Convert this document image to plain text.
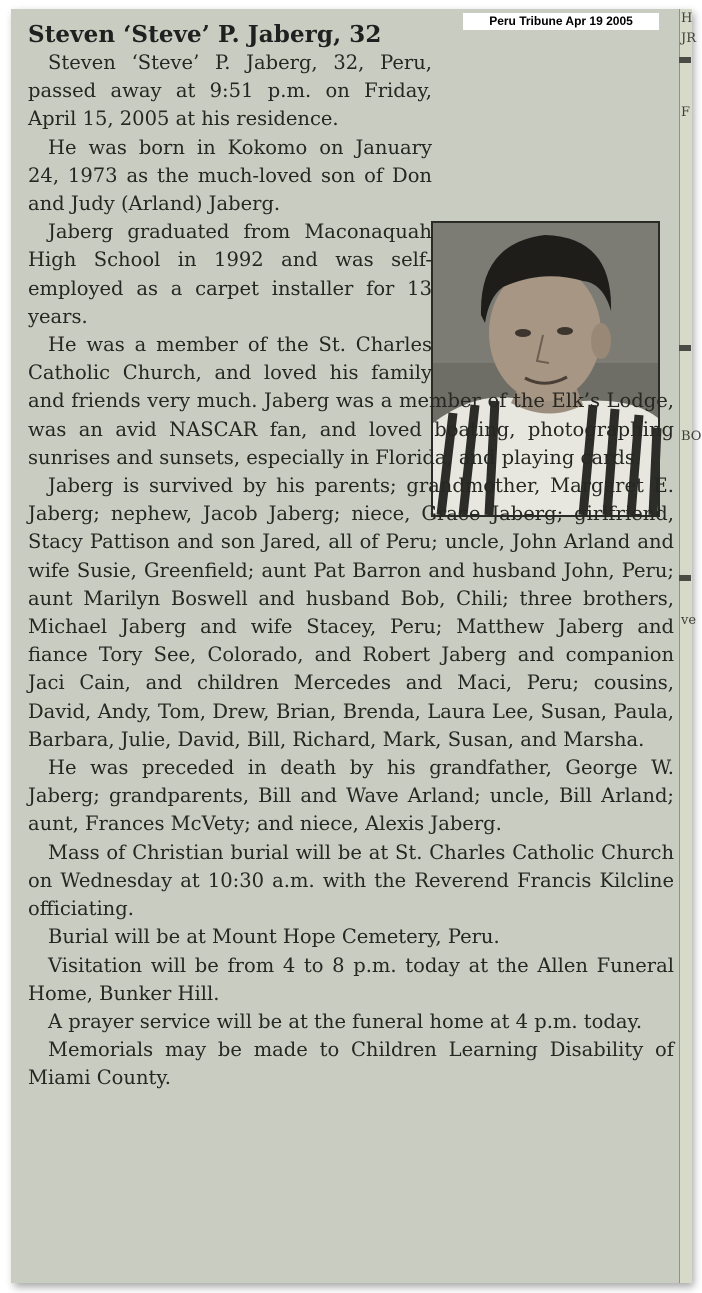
H
JR
F
BO
ve
Peru Tribune Apr 19 2005
Steven ‘Steve’ P. Jaberg, 32

Steven ‘Steve’ P. Jaberg, 32, Peru, passed away at 9:51 p.m. on Friday, April 15, 2005 at his residence.

He was born in Kokomo on January 24, 1973 as the much-loved son of Don and Judy (Arland) Jaberg.

Jaberg graduated from Maconaquah High School in 1992 and was self-employed as a carpet installer for 13 years.

He was a member of the St. Charles Catholic Church, and loved his family and friends very much. Jaberg was a member of the Elk’s Lodge, was an avid NASCAR fan, and loved boating, photographing sunrises and sunsets, especially in Florida, and playing cards.

Jaberg is survived by his parents; grandmother, Margaret E. Jaberg; nephew, Jacob Jaberg; niece, Grace Jaberg; girlfriend, Stacy Pattison and son Jared, all of Peru; uncle, John Arland and wife Susie, Greenfield; aunt Pat Barron and husband John, Peru; aunt Marilyn Boswell and husband Bob, Chili; three brothers, Michael Jaberg and wife Stacey, Peru; Matthew Jaberg and fiance Tory See, Colorado, and Robert Jaberg and companion Jaci Cain, and children Mercedes and Maci, Peru; cousins, David, Andy, Tom, Drew, Brian, Brenda, Laura Lee, Susan, Paula, Barbara, Julie, David, Bill, Richard, Mark, Susan, and Marsha.

He was preceded in death by his grandfather, George W. Jaberg; grandparents, Bill and Wave Arland; uncle, Bill Arland; aunt, Frances McVety; and niece, Alexis Jaberg.

Mass of Christian burial will be at St. Charles Catholic Church on Wednesday at 10:30 a.m. with the Reverend Francis Kilcline officiating.

Burial will be at Mount Hope Cemetery, Peru.

Visitation will be from 4 to 8 p.m. today at the Allen Funeral Home, Bunker Hill.

A prayer service will be at the funeral home at 4 p.m. today.

Memorials may be made to Children Learning Disability of Miami County.
